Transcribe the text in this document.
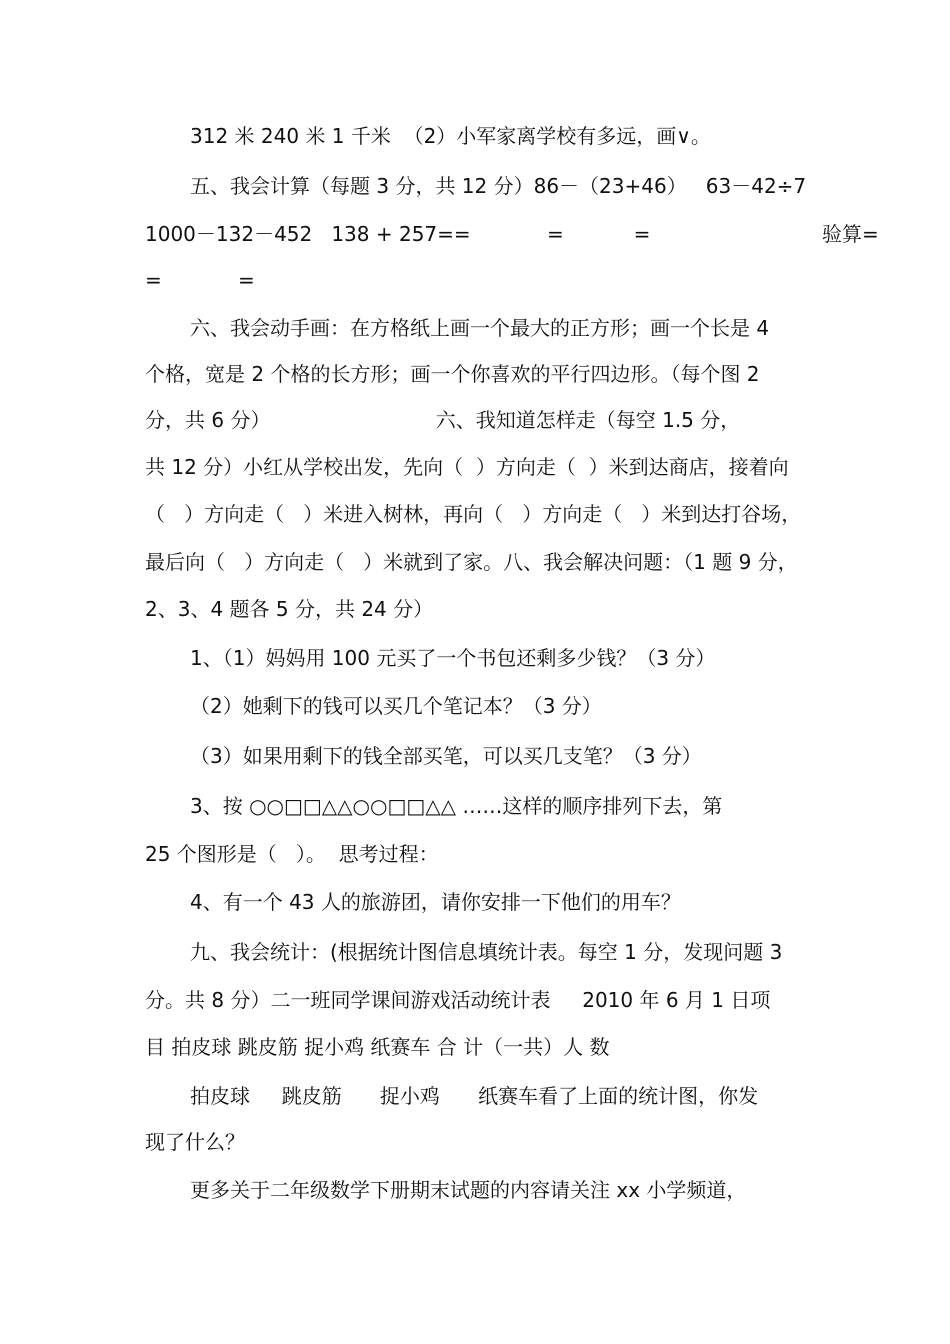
312 米 240 米 1 千米  （2）小军家离学校有多远，画∨。
五、我会计算（每题 3 分，共 12 分）86－（23+46）   63－42÷7
1000－132－452   138 + 257==            =           =                           验算=
=            =
六、我会动手画：在方格纸上画一个最大的正方形；画一个长是 4
个格，宽是 2 个格的长方形；画一个你喜欢的平行四边形。（每个图 2
分，共 6 分）                          六、我知道怎样走（每空 1.5 分，
共 12 分）小红从学校出发，先向（  ）方向走（  ）米到达商店，接着向
（   ）方向走（   ）米进入树林，再向（   ）方向走（   ）米到达打谷场，
最后向（   ）方向走（   ）米就到了家。八、我会解决问题：（1 题 9 分，
2、3、4 题各 5 分，共 24 分）
1、（1）妈妈用 100 元买了一个书包还剩多少钱？（3 分）
（2）她剩下的钱可以买几个笔记本？（3 分）
（3）如果用剩下的钱全部买笔，可以买几支笔？（3 分）
3、按 ○○□□△△○○□□△△ ……这样的顺序排列下去，第
25 个图形是（   ）。  思考过程：
4、有一个 43 人的旅游团，请你安排一下他们的用车？
九、我会统计：(根据统计图信息填统计表。每空 1 分，发现问题 3
分。共 8 分）二一班同学课间游戏活动统计表     2010 年 6 月 1 日项
目 拍皮球 跳皮筋 捉小鸡 纸赛车 合 计（一共）人 数
拍皮球     跳皮筋      捉小鸡      纸赛车看了上面的统计图，你发
现了什么？
更多关于二年级数学下册期末试题的内容请关注 xx 小学频道，
